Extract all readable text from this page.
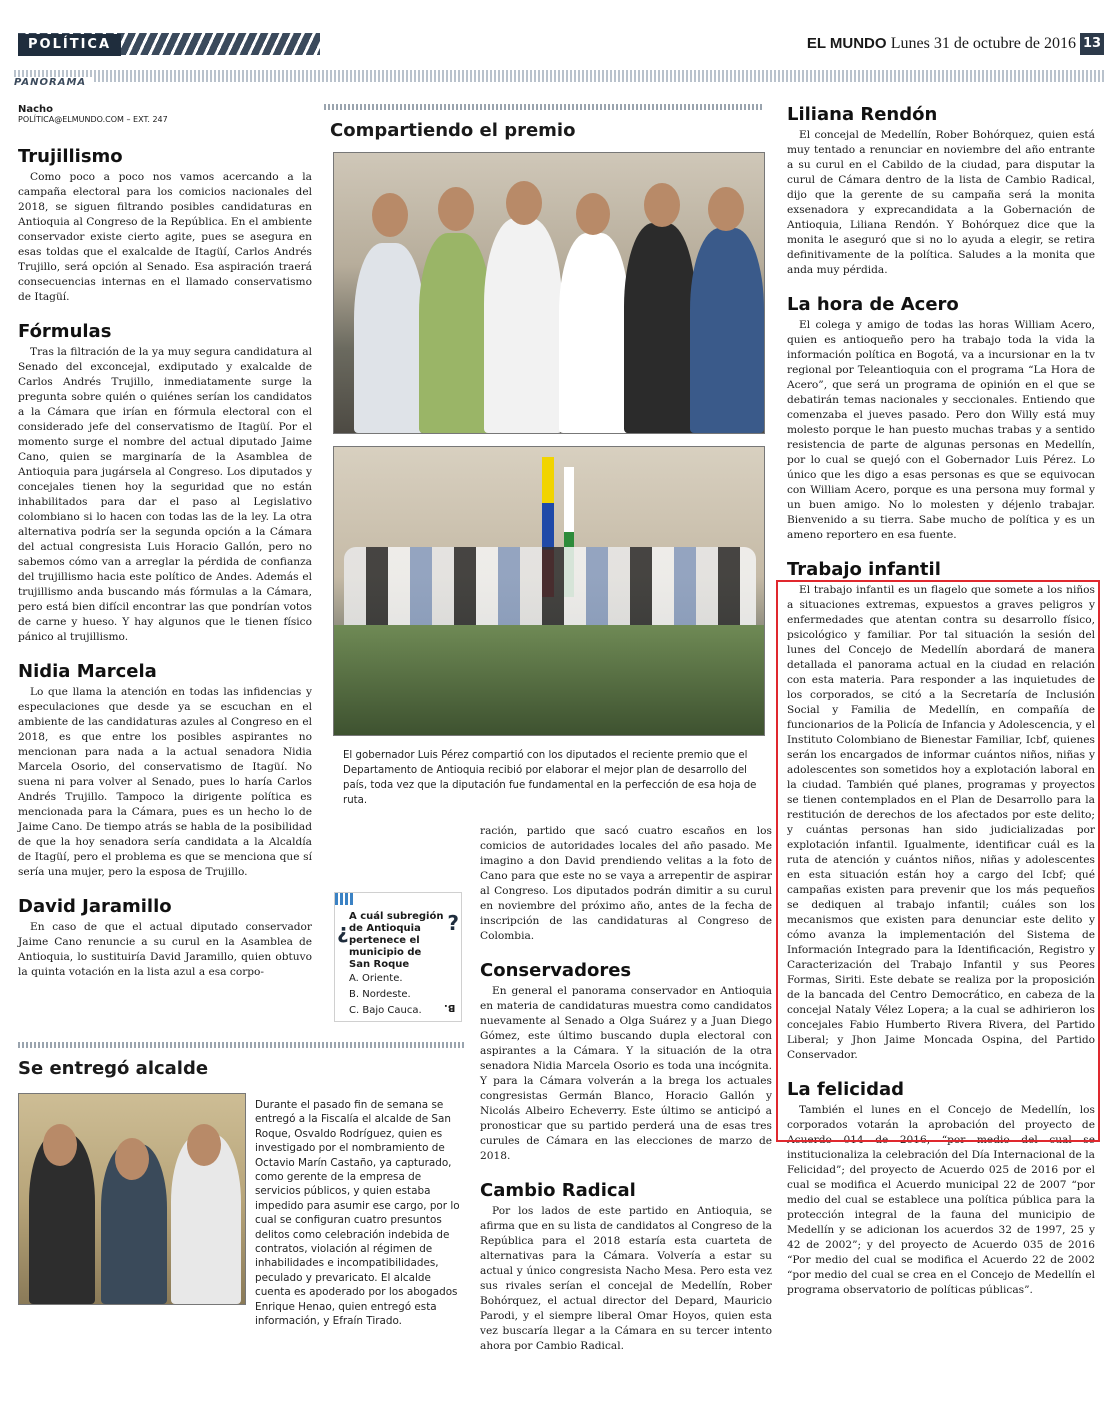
POLÍTICA	EL MUNDO Lunes 31 de octubre de 2016 13
PANORAMA
Nacho
POLÍTICA@ELMUNDO.COM – EXT. 247
Trujillismo

Como poco a poco nos vamos acercando a la campaña electoral para los comicios nacionales del 2018, se siguen filtrando posibles candidaturas en Antioquia al Congreso de la República. En el ambiente conservador existe cierto agite, pues se asegura en esas toldas que el exalcalde de Itagüí, Carlos Andrés Trujillo, será opción al Senado. Esa aspiración traerá consecuencias internas en el llamado conservatismo de Itagüí.

Fórmulas

Tras la filtración de la ya muy segura candidatura al Senado del exconcejal, exdiputado y exalcalde de Carlos Andrés Trujillo, inmediatamente surge la pregunta sobre quién o quiénes serían los candidatos a la Cámara que irían en fórmula electoral con el considerado jefe del conservatismo de Itagüí. Por el momento surge el nombre del actual diputado Jaime Cano, quien se marginaría de la Asamblea de Antioquia para jugársela al Congreso. Los diputados y concejales tienen hoy la seguridad que no están inhabilitados para dar el paso al Legislativo colombiano si lo hacen con todas las de la ley. La otra alternativa podría ser la segunda opción a la Cámara del actual congresista Luis Horacio Gallón, pero no sabemos cómo van a arreglar la pérdida de confianza del trujillismo hacia este político de Andes. Además el trujillismo anda buscando más fórmulas a la Cámara, pero está bien difícil encontrar las que pondrían votos de carne y hueso. Y hay algunos que le tienen físico pánico al trujillismo.

Nidia Marcela

Lo que llama la atención en todas las infidencias y especulaciones que desde ya se escuchan en el ambiente de las candidaturas azules al Congreso en el 2018, es que entre los posibles aspirantes no mencionan para nada a la actual senadora Nidia Marcela Osorio, del conservatismo de Itagüí. No suena ni para volver al Senado, pues lo haría Carlos Andrés Trujillo. Tampoco la dirigente política es mencionada para la Cámara, pues es un hecho lo de Jaime Cano. De tiempo atrás se habla de la posibilidad de que la hoy senadora sería candidata a la Alcaldía de Itagüí, pero el problema es que se menciona que sí sería una mujer, pero la esposa de Trujillo.

David Jaramillo

En caso de que el actual diputado conservador Jaime Cano renuncie a su curul en la Asamblea de Antioquia, lo sustituiría David Jaramillo, quien obtuvo la quinta votación en la lista azul a esa corpo-

Compartiendo el premio
El gobernador Luis Pérez compartió con los diputados el reciente premio que el Departamento de Antioquia recibió por elaborar el mejor plan de desarrollo del país, toda vez que la diputación fue fundamental en la perfección de esa hoja de ruta.
¿	?
A cuál subregión de Antioquia pertenece el municipio de San Roque
A. Oriente.
B. Nordeste.
C. Bajo Cauca. B.

ración, partido que sacó cuatro escaños en los comicios de autoridades locales del año pasado. Me imagino a don David prendiendo velitas a la foto de Cano para que este no se vaya a arrepentir de aspirar al Congreso. Los diputados podrán dimitir a su curul en noviembre del próximo año, antes de la fecha de inscripción de las candidaturas al Congreso de Colombia.

Conservadores

En general el panorama conservador en Antioquia en materia de candidaturas muestra como candidatos nuevamente al Senado a Olga Suárez y a Juan Diego Gómez, este último buscando dupla electoral con aspirantes a la Cámara. Y la situación de la otra senadora Nidia Marcela Osorio es toda una incógnita. Y para la Cámara volverán a la brega los actuales congresistas Germán Blanco, Horacio Gallón y Nicolás Albeiro Echeverry. Este último se anticipó a pronosticar que su partido perderá una de esas tres curules de Cámara en las elecciones de marzo de 2018.

Cambio Radical

Por los lados de este partido en Antioquia, se afirma que en su lista de candidatos al Congreso de la República para el 2018 estaría esta cuarteta de alternativas para la Cámara. Volvería a estar su actual y único congresista Nacho Mesa. Pero esta vez sus rivales serían el concejal de Medellín, Rober Bohórquez, el actual director del Depard, Mauricio Parodi, y el siempre liberal Omar Hoyos, quien esta vez buscaría llegar a la Cámara en su tercer intento ahora por Cambio Radical.

Se entregó alcalde
Durante el pasado fin de semana se entregó a la Fiscalía el alcalde de San Roque, Osvaldo Rodríguez, quien es investigado por el nombramiento de Octavio Marín Castaño, ya capturado, como gerente de la empresa de servicios públicos, y quien estaba impedido para asumir ese cargo, por lo cual se configuran cuatro presuntos delitos como celebración indebida de contratos, violación al régimen de inhabilidades e incompatibilidades, peculado y prevaricato. El alcalde cuenta es apoderado por los abogados Enrique Henao, quien entregó esta información, y Efraín Tirado.
Liliana Rendón

El concejal de Medellín, Rober Bohórquez, quien está muy tentado a renunciar en noviembre del año entrante a su curul en el Cabildo de la ciudad, para disputar la curul de Cámara dentro de la lista de Cambio Radical, dijo que la gerente de su campaña será la monita exsenadora y exprecandidata a la Gobernación de Antioquia, Liliana Rendón. Y Bohórquez dice que la monita le aseguró que si no lo ayuda a elegir, se retira definitivamente de la política. Saludes a la monita que anda muy pérdida.

La hora de Acero

El colega y amigo de todas las horas William Acero, quien es antioqueño pero ha trabajo toda la vida la información política en Bogotá, va a incursionar en la tv regional por Teleantioquia con el programa “La Hora de Acero”, que será un programa de opinión en el que se debatirán temas nacionales y seccionales. Entiendo que comenzaba el jueves pasado. Pero don Willy está muy molesto porque le han puesto muchas trabas y a sentido resistencia de parte de algunas personas en Medellín, por lo cual se quejó con el Gobernador Luis Pérez. Lo único que les digo a esas personas es que se equivocan con William Acero, porque es una persona muy formal y un buen amigo. No lo molesten y déjenlo trabajar. Bienvenido a su tierra. Sabe mucho de política y es un ameno reportero en esa fuente.

Trabajo infantil

El trabajo infantil es un flagelo que somete a los niños a situaciones extremas, expuestos a graves peligros y enfermedades que atentan contra su desarrollo físico, psicológico y familiar. Por tal situación la sesión del lunes del Concejo de Medellín abordará de manera detallada el panorama actual en la ciudad en relación con esta materia. Para responder a las inquietudes de los corporados, se citó a la Secretaría de Inclusión Social y Familia de Medellín, en compañía de funcionarios de la Policía de Infancia y Adolescencia, y el Instituto Colombiano de Bienestar Familiar, Icbf, quienes serán los encargados de informar cuántos niños, niñas y adolescentes son sometidos hoy a explotación laboral en la ciudad. También qué planes, programas y proyectos se tienen contemplados en el Plan de Desarrollo para la restitución de derechos de los afectados por este delito; y cuántas personas han sido judicializadas por explotación infantil. Igualmente, identificar cuál es la ruta de atención y cuántos niños, niñas y adolescentes en esta situación están hoy a cargo del Icbf; qué campañas existen para prevenir que los más pequeños se dediquen al trabajo infantil; cuáles son los mecanismos que existen para denunciar este delito y cómo avanza la implementación del Sistema de Información Integrado para la Identificación, Registro y Caracterización del Trabajo Infantil y sus Peores Formas, Siriti. Este debate se realiza por la proposición de la bancada del Centro Democrático, en cabeza de la concejal Nataly Vélez Lopera; a la cual se adhirieron los concejales Fabio Humberto Rivera Rivera, del Partido Liberal; y Jhon Jaime Moncada Ospina, del Partido Conservador.

La felicidad

También el lunes en el Concejo de Medellín, los corporados votarán la aprobación del proyecto de Acuerdo 014 de 2016, “por medio del cual se institucionaliza la celebración del Día Internacional de la Felicidad”; del proyecto de Acuerdo 025 de 2016 por el cual se modifica el Acuerdo municipal 22 de 2007 “por medio del cual se establece una política pública para la protección integral de la fauna del municipio de Medellín y se adicionan los acuerdos 32 de 1997, 25 y 42 de 2002”; y del proyecto de Acuerdo 035 de 2016 “Por medio del cual se modifica el Acuerdo 22 de 2002 “por medio del cual se crea en el Concejo de Medellín el programa observatorio de políticas públicas”.
